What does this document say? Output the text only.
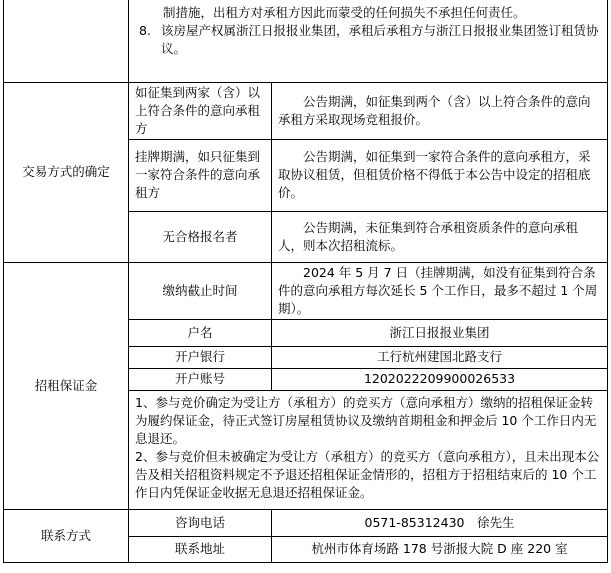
	制措施，出租方对承租方因此而蒙受的任何损失不承担任何责任。

8. 该房屋产权属浙江日报报业集团，承租后承租方与浙江日报报业集团签订租赁协议。	

交易方式的确定	如征集到两家（含）以上符合条件的意向承租方	公告期满，如征集到两个（含）以上符合条件的意向承租方采取现场竞租报价。
	挂牌期满，如只征集到一家符合条件的意向承租方	公告期满，如征集到一家符合条件的意向承租方，采取协议租赁，但租赁价格不得低于本公告中设定的招租底价。
	无合格报名者	公告期满，未征集到符合承租资质条件的意向承租人，则本次招租流标。
招租保证金	缴纳截止时间	2024 年 5 月 7 日（挂牌期满，如没有征集到符合条件的意向承租方每次延长 5 个工作日，最多不超过 1 个周期）。
	户名	浙江日报报业集团
	开户银行	工行杭州建国北路支行
	开户账号	1202022209900026533

	1、参与竞价确定为受让方（承租方）的竞买方（意向承租方）缴纳的招租保证金转为履约保证金，待正式签订房屋租赁协议及缴纳首期租金和押金后 10 个工作日内无息退还。

2、参与竞价但未被确定为受让方（承租方）的竞买方（意向承租方），且未出现本公告及相关招租资料规定不予退还招租保证金情形的，招租方于招租结束后的 10 个工作日内凭保证金收据无息退还招租保证金。	

联系方式	咨询电话	0571-85312430　徐先生
	联系地址	杭州市体育场路 178 号浙报大院 D 座 220 室
